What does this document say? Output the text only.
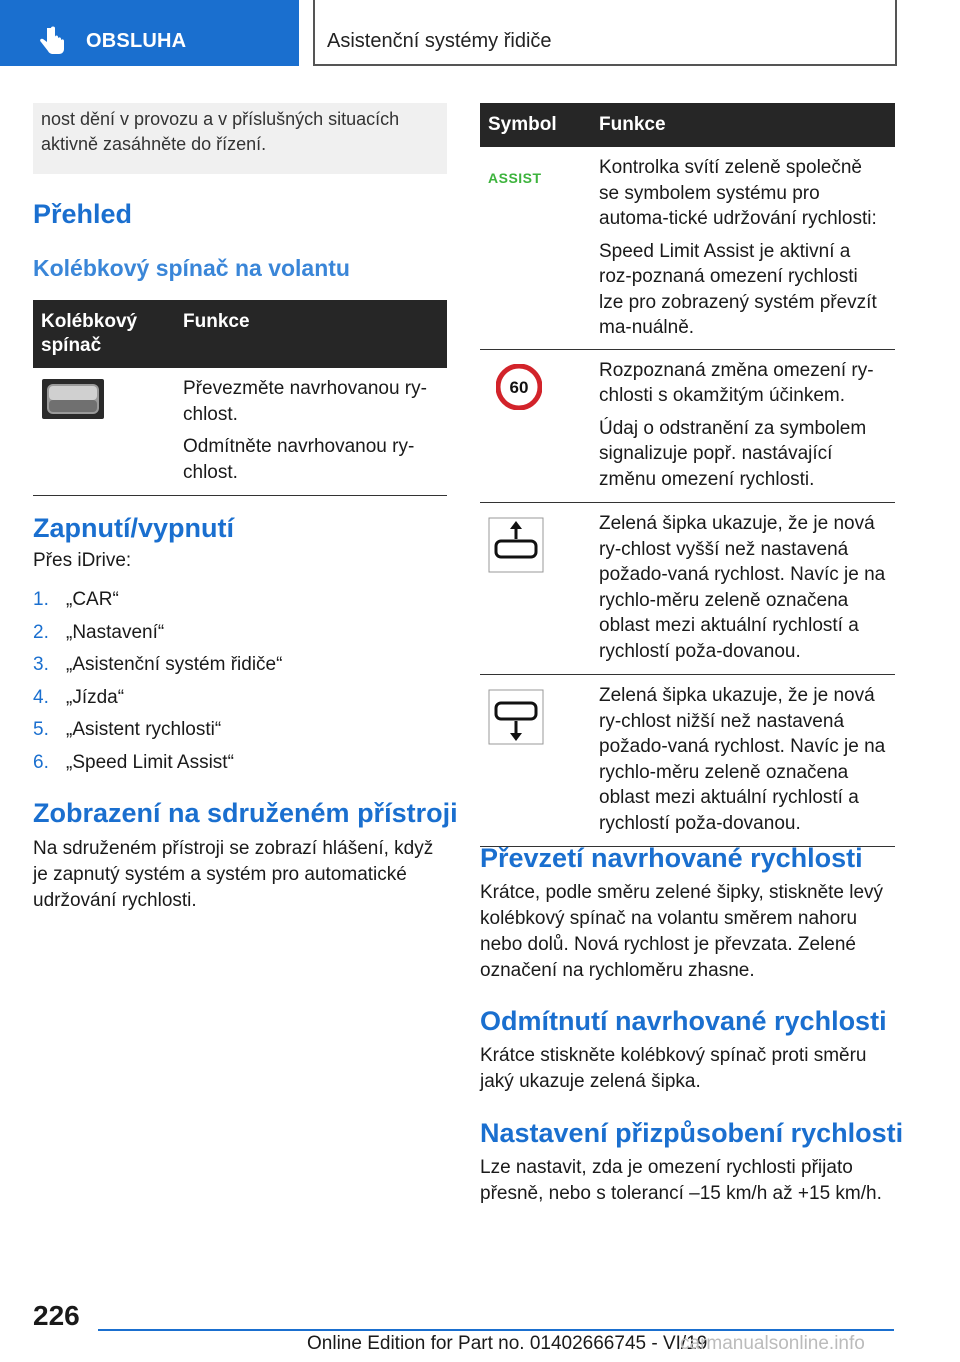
OBSLUHA	Asistenční systémy řidiče
nost dění v provozu a v příslušných situacích aktivně zasáhněte do řízení.
Přehled
Kolébkový spínač na volantu
Kolébkový spínač	Funkce

Převezměte navrhovanou ry-chlost.

Odmítněte navrhovanou ry-chlost.

Zapnutí/vypnutí
Přes iDrive:
1. „CAR“
2. „Nastavení“
3. „Asistenční systém řidiče“
4. „Jízda“
5. „Asistent rychlosti“
6. „Speed Limit Assist“
Zobrazení na sdruženém přístroji
Na sdruženém přístroji se zobrazí hlášení, když je zapnutý systém a systém pro automatické udržování rychlosti.
Symbol	Funkce
ASSIST	Kontrolka svítí zeleně společně se symbolem systému pro automa-tické udržování rychlosti:

Speed Limit Assist je aktivní a roz-poznaná omezení rychlosti lze pro zobrazený systém převzít ma-nuálně.

60	Rozpoznaná změna omezení ry-chlosti s okamžitým účinkem.

Údaj o odstranění za symbolem signalizuje popř. nastávající změnu omezení rychlosti.

Zelená šipka ukazuje, že je nová ry-chlost vyšší než nastavená požado-vaná rychlost. Navíc je na rychlo-měru zeleně označena oblast mezi aktuální rychlostí a rychlostí poža-dovanou.

Zelená šipka ukazuje, že je nová ry-chlost nižší než nastavená požado-vaná rychlost. Navíc je na rychlo-měru zeleně označena oblast mezi aktuální rychlostí a rychlostí poža-dovanou.

Převzetí navrhované rychlosti
Krátce, podle směru zelené šipky, stiskněte levý kolébkový spínač na volantu směrem nahoru nebo dolů. Nová rychlost je převzata. Zelené označení na rychloměru zhasne.
Odmítnutí navrhované rychlosti
Krátce stiskněte kolébkový spínač proti směru jaký ukazuje zelená šipka.
Nastavení přizpůsobení rychlosti
Lze nastavit, zda je omezení rychlosti přijato přesně, nebo s tolerancí –15 km/h až +15 km/h.
226
Online Edition for Part no. 01402666745 - VI/19
carmanualsonline.info
